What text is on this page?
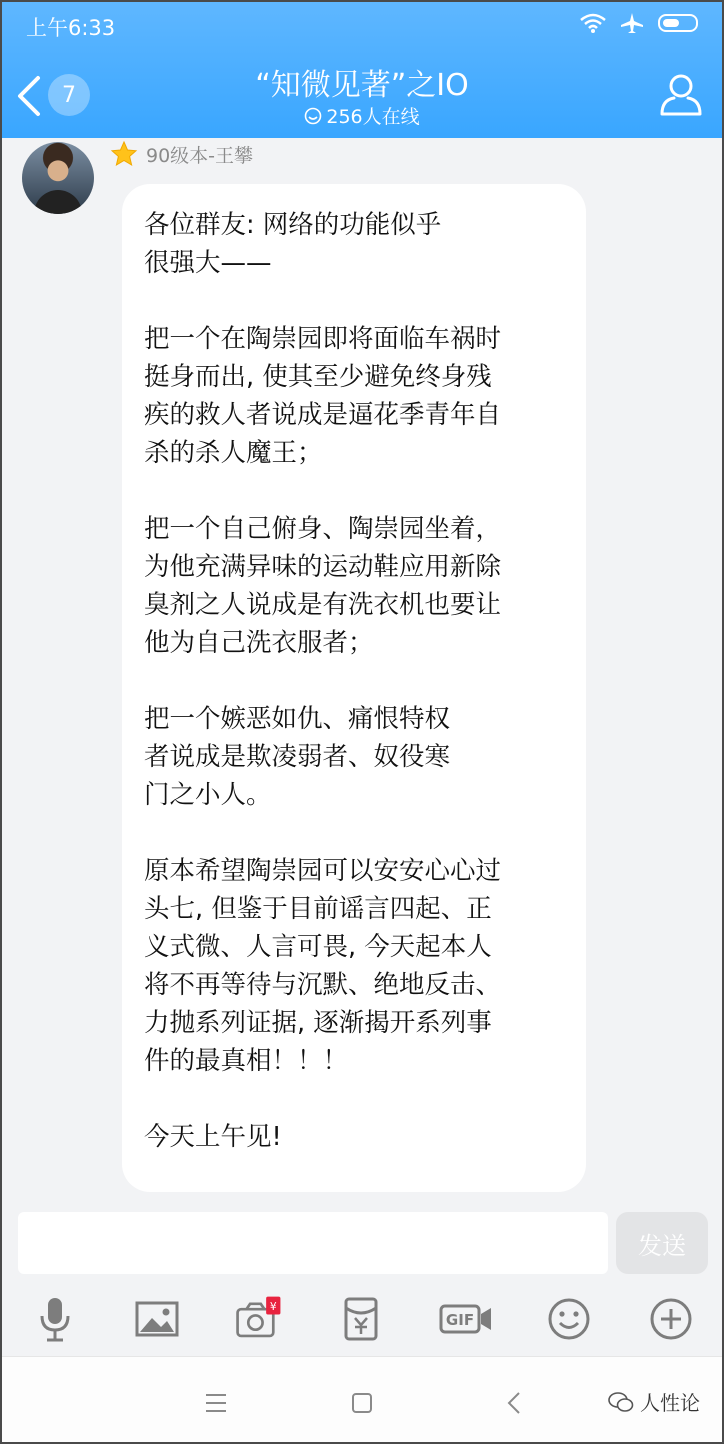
上午6:33
7	“知微见著”之IO
256人在线
90级本-王攀
各位群友: 网络的功能似乎
很强大——

把一个在陶崇园即将面临车祸时
挺身而出, 使其至少避免终身残
疾的救人者说成是逼花季青年自
杀的杀人魔王；

把一个自己俯身、陶崇园坐着，
为他充满异味的运动鞋应用新除
臭剂之人说成是有洗衣机也要让
他为自己洗衣服者；

把一个嫉恶如仇、痛恨特权
者说成是欺凌弱者、奴役寒
门之小人。

原本希望陶崇园可以安安心心过
头七, 但鉴于目前谣言四起、正
义式微、人言可畏, 今天起本人
将不再等待与沉默、绝地反击、
力抛系列证据, 逐渐揭开系列事
件的最真相！！！

今天上午见!
发送
¥
GIF
人性论
